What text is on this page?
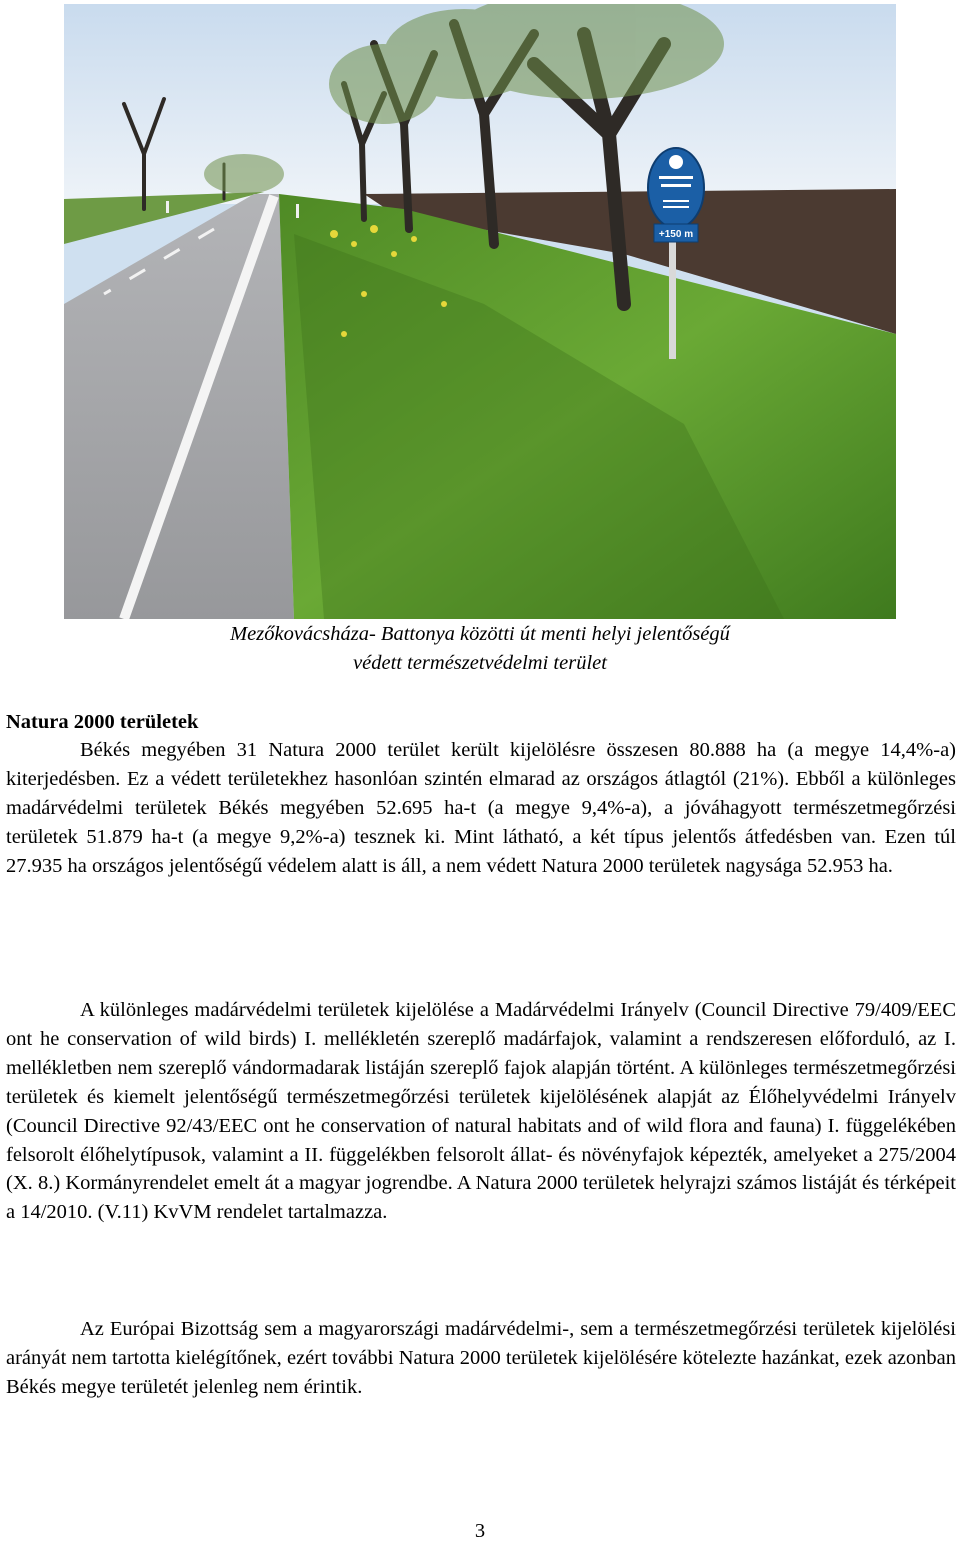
+150 m
Mezőkovácsháza- Battonya közötti út menti helyi jelentőségű
védett természetvédelmi terület
Natura 2000 területek

Békés megyében 31 Natura 2000 terület került kijelölésre összesen 80.888 ha (a megye 14,4%-a) kiterjedésben. Ez a védett területekhez hasonlóan szintén elmarad az országos átlagtól (21%). Ebből a különleges madárvédelmi területek Békés megyében 52.695 ha-t (a megye 9,4%-a), a jóváhagyott természetmegőrzési területek 51.879 ha-t (a megye 9,2%-a) tesznek ki. Mint látható, a két típus jelentős átfedésben van. Ezen túl 27.935 ha országos jelentőségű védelem alatt is áll, a nem védett Natura 2000 területek nagysága 52.953 ha.

A különleges madárvédelmi területek kijelölése a Madárvédelmi Irányelv (Council Directive 79/409/EEC ont he conservation of wild birds) I. mellékletén szereplő madárfajok, valamint a rendszeresen előforduló, az I. mellékletben nem szereplő vándormadarak listáján szereplő fajok alapján történt. A különleges természetmegőrzési területek és kiemelt jelentőségű természetmegőrzési területek kijelölésének alapját az Élőhelyvédelmi Irányelv (Council Directive 92/43/EEC ont he conservation of natural habitats and of wild flora and fauna) I. függelékében felsorolt élőhelytípusok, valamint a II. függelékben felsorolt állat- és növényfajok képezték, amelyeket a 275/2004 (X. 8.) Kormányrendelet emelt át a magyar jogrendbe. A Natura 2000 területek helyrajzi számos listáját és térképeit a 14/2010. (V.11) KvVM rendelet tartalmazza.

Az Európai Bizottság sem a magyarországi madárvédelmi-, sem a természetmegőrzési területek kijelölési arányát nem tartotta kielégítőnek, ezért további Natura 2000 területek kijelölésére kötelezte hazánkat, ezek azonban Békés megye területét jelenleg nem érintik.

3
